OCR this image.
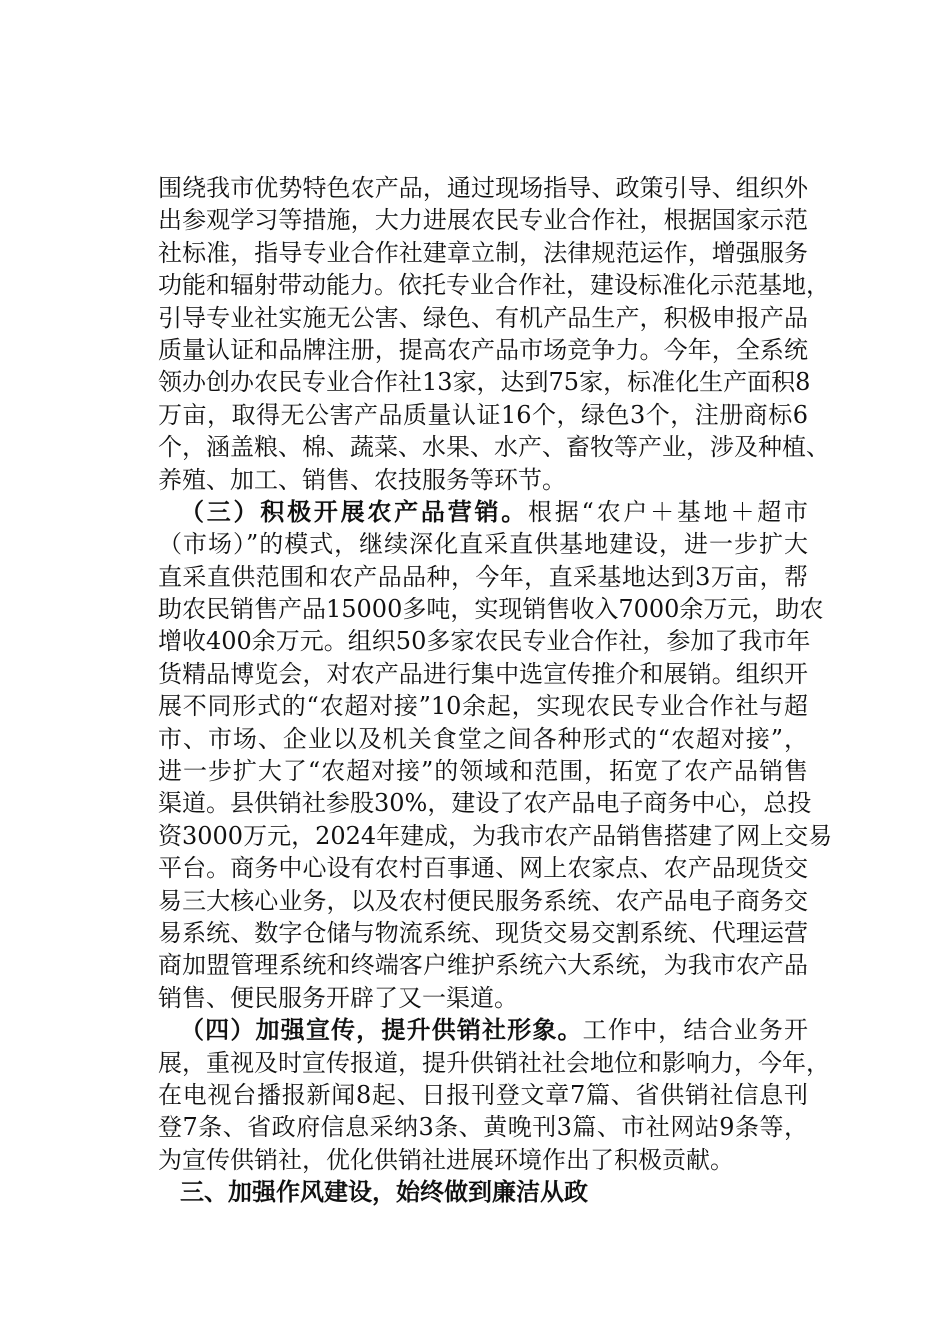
围绕我市优势特色农产品，通过现场指导、政策引导、组织外
出参观学习等措施，大力进展农民专业合作社，根据国家示范
社标准，指导专业合作社建章立制，法律规范运作，增强服务
功能和辐射带动能力。依托专业合作社，建设标准化示范基地，
引导专业社实施无公害、绿色、有机产品生产，积极申报产品
质量认证和品牌注册，提高农产品市场竞争力。今年，全系统
领办创办农民专业合作社13家，达到75家，标准化生产面积8
万亩，取得无公害产品质量认证16个，绿色3个，注册商标6
个，涵盖粮、棉、蔬菜、水果、水产、畜牧等产业，涉及种植、
养殖、加工、销售、农技服务等环节。
（三）积极开展农产品营销。根据“农户＋基地＋超市
（市场）”的模式，继续深化直采直供基地建设，进一步扩大
直采直供范围和农产品品种，今年，直采基地达到3万亩，帮
助农民销售产品15000多吨，实现销售收入7000余万元，助农
增收400余万元。组织50多家农民专业合作社，参加了我市年
货精品博览会，对农产品进行集中选宣传推介和展销。组织开
展不同形式的“农超对接”10余起，实现农民专业合作社与超
市、市场、企业以及机关食堂之间各种形式的“农超对接”，
进一步扩大了“农超对接”的领域和范围，拓宽了农产品销售
渠道。县供销社参股30%，建设了农产品电子商务中心，总投
资3000万元，2024年建成，为我市农产品销售搭建了网上交易
平台。商务中心设有农村百事通、网上农家点、农产品现货交
易三大核心业务，以及农村便民服务系统、农产品电子商务交
易系统、数字仓储与物流系统、现货交易交割系统、代理运营
商加盟管理系统和终端客户维护系统六大系统，为我市农产品
销售、便民服务开辟了又一渠道。
（四）加强宣传，提升供销社形象。工作中，结合业务开
展，重视及时宣传报道，提升供销社社会地位和影响力，今年，
在电视台播报新闻8起、日报刊登文章7篇、省供销社信息刊
登7条、省政府信息采纳3条、黄晚刊3篇、市社网站9条等，
为宣传供销社，优化供销社进展环境作出了积极贡献。
三、加强作风建设，始终做到廉洁从政
